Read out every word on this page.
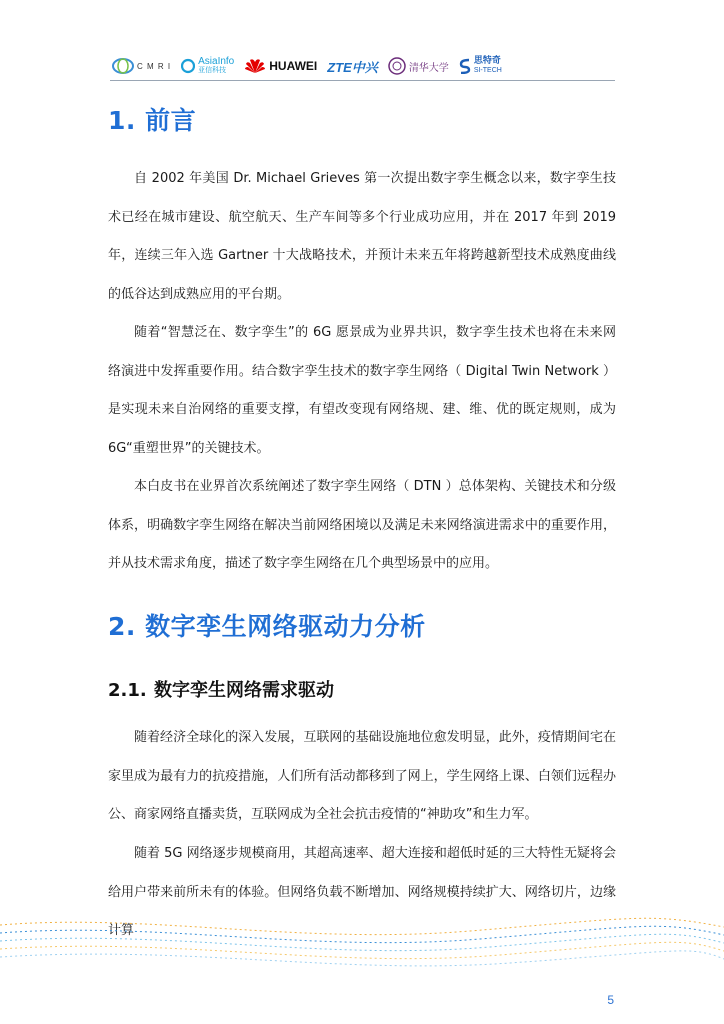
C M R I	AsiaInfo
亚信科技	HUAWEI ZTE中兴	清华大学
思特奇
SI-TECH
1. 前言

自 2002 年美国 Dr. Michael Grieves 第一次提出数字孪生概念以来，数字孪生技术已经在城市建设、航空航天、生产车间等多个行业成功应用，并在 2017 年到 2019 年，连续三年入选 Gartner 十大战略技术，并预计未来五年将跨越新型技术成熟度曲线的低谷达到成熟应用的平台期。

随着“智慧泛在、数字孪生”的 6G 愿景成为业界共识，数字孪生技术也将在未来网络演进中发挥重要作用。结合数字孪生技术的数字孪生网络（ Digital Twin Network ）是实现未来自治网络的重要支撑，有望改变现有网络规、建、维、优的既定规则，成为 6G“重塑世界”的关键技术。

本白皮书在业界首次系统阐述了数字孪生网络（ DTN ）总体架构、关键技术和分级体系，明确数字孪生网络在解决当前网络困境以及满足未来网络演进需求中的重要作用，并从技术需求角度，描述了数字孪生网络在几个典型场景中的应用。

2. 数字孪生网络驱动力分析
2.1. 数字孪生网络需求驱动

随着经济全球化的深入发展，互联网的基础设施地位愈发明显，此外，疫情期间宅在家里成为最有力的抗疫措施，人们所有活动都移到了网上，学生网络上课、白领们远程办公、商家网络直播卖货，互联网成为全社会抗击疫情的“神助攻”和生力军。

随着 5G 网络逐步规模商用，其超高速率、超大连接和超低时延的三大特性无疑将会给用户带来前所未有的体验。但网络负载不断增加、网络规模持续扩大、网络切片，边缘计算

5
